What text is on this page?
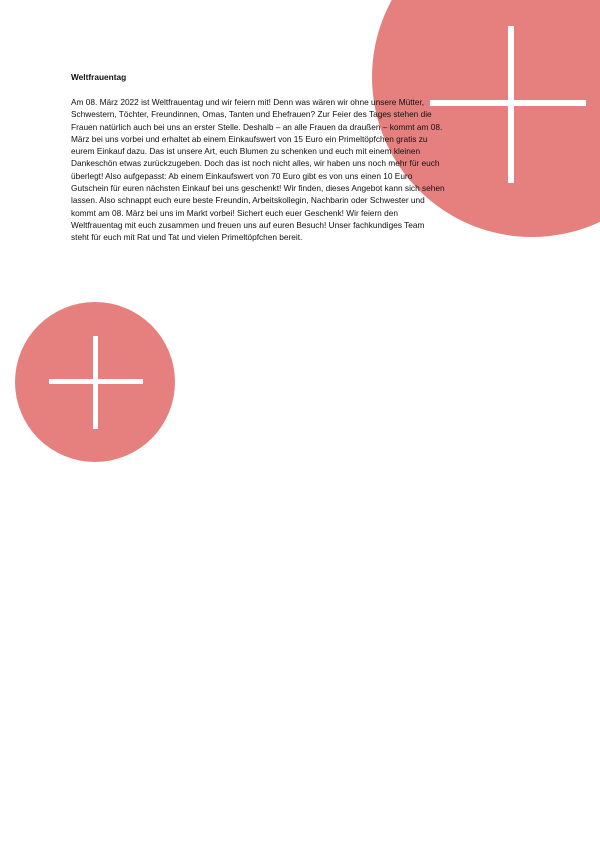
Weltfrauentag

Am 08. März 2022 ist Weltfrauentag und wir feiern mit! Denn was wären wir ohne unsere Mütter,
Schwestern, Töchter, Freundinnen, Omas, Tanten und Ehefrauen? Zur Feier des Tages stehen die
Frauen natürlich auch bei uns an erster Stelle. Deshalb – an alle Frauen da draußen – kommt am 08.
März bei uns vorbei und erhaltet ab einem Einkaufswert von 15 Euro ein Primeltöpfchen gratis zu
eurem Einkauf dazu. Das ist unsere Art, euch Blumen zu schenken und euch mit einem kleinen
Dankeschön etwas zurückzugeben. Doch das ist noch nicht alles, wir haben uns noch mehr für euch
überlegt! Also aufgepasst: Ab einem Einkaufswert von 70 Euro gibt es von uns einen 10 Euro
Gutschein für euren nächsten Einkauf bei uns geschenkt! Wir finden, dieses Angebot kann sich sehen
lassen. Also schnappt euch eure beste Freundin, Arbeitskollegin, Nachbarin oder Schwester und
kommt am 08. März bei uns im Markt vorbei! Sichert euch euer Geschenk! Wir feiern den
Weltfrauentag mit euch zusammen und freuen uns auf euren Besuch! Unser fachkundiges Team
steht für euch mit Rat und Tat und vielen Primeltöpfchen bereit.
